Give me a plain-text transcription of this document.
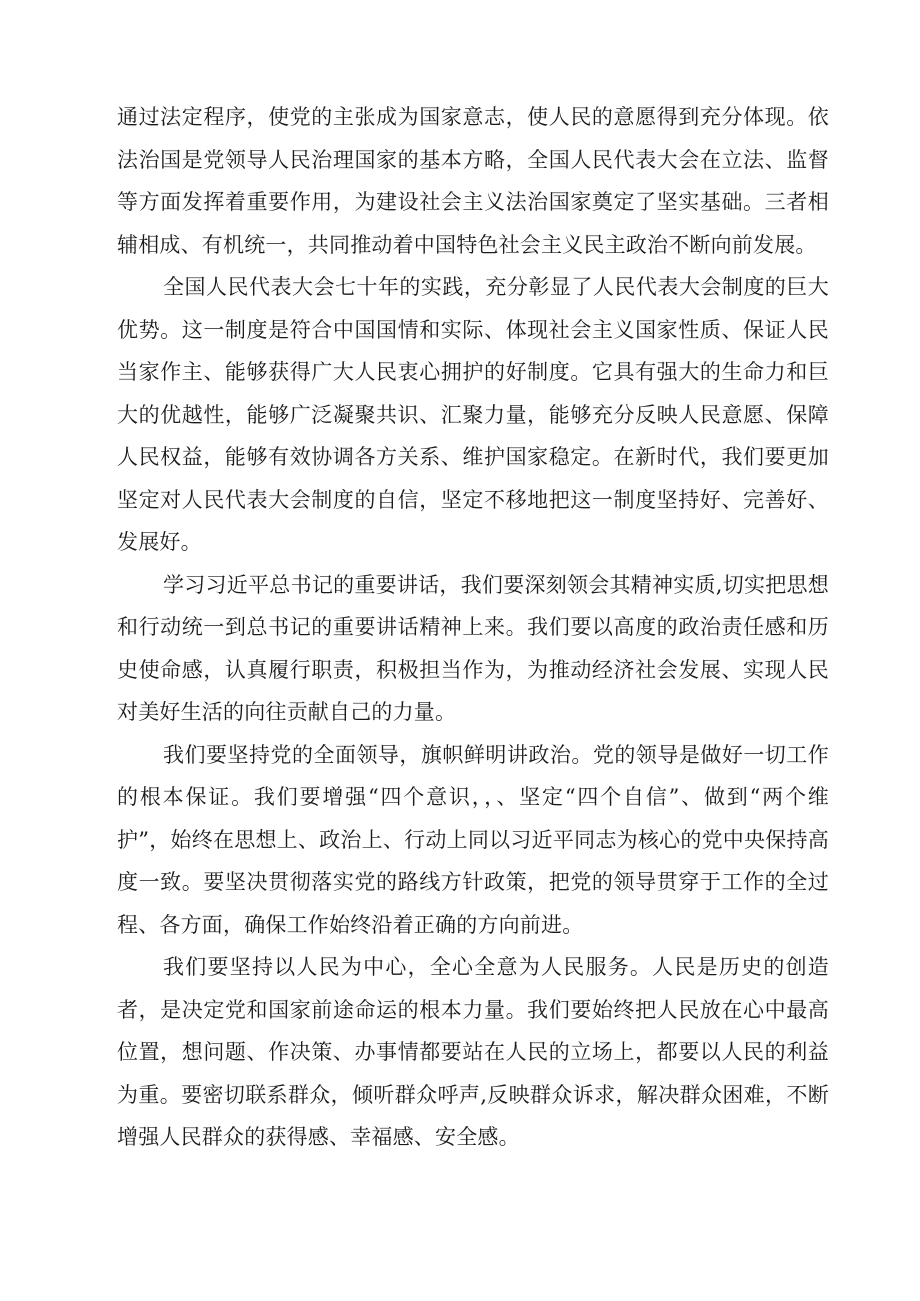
通过法定程序，使党的主张成为国家意志，使人民的意愿得到充分体现。依法治国是党领导人民治理国家的基本方略，全国人民代表大会在立法、监督等方面发挥着重要作用，为建设社会主义法治国家奠定了坚实基础。三者相辅相成、有机统一，共同推动着中国特色社会主义民主政治不断向前发展。

全国人民代表大会七十年的实践，充分彰显了人民代表大会制度的巨大优势。这一制度是符合中国国情和实际、体现社会主义国家性质、保证人民当家作主、能够获得广大人民衷心拥护的好制度。它具有强大的生命力和巨大的优越性，能够广泛凝聚共识、汇聚力量，能够充分反映人民意愿、保障人民权益，能够有效协调各方关系、维护国家稳定。在新时代，我们要更加坚定对人民代表大会制度的自信，坚定不移地把这一制度坚持好、完善好、发展好。

学习习近平总书记的重要讲话，我们要深刻领会其精神实质,切实把思想和行动统一到总书记的重要讲话精神上来。我们要以高度的政治责任感和历史使命感，认真履行职责，积极担当作为，为推动经济社会发展、实现人民对美好生活的向往贡献自己的力量。

我们要坚持党的全面领导，旗帜鲜明讲政治。党的领导是做好一切工作的根本保证。我们要增强“四个意识，，、坚定“四个自信”、做到“两个维护”，始终在思想上、政治上、行动上同以习近平同志为核心的党中央保持高度一致。要坚决贯彻落实党的路线方针政策，把党的领导贯穿于工作的全过程、各方面，确保工作始终沿着正确的方向前进。

我们要坚持以人民为中心，全心全意为人民服务。人民是历史的创造者，是决定党和国家前途命运的根本力量。我们要始终把人民放在心中最高位置，想问题、作决策、办事情都要站在人民的立场上，都要以人民的利益为重。要密切联系群众，倾听群众呼声,反映群众诉求，解决群众困难，不断增强人民群众的获得感、幸福感、安全感。
